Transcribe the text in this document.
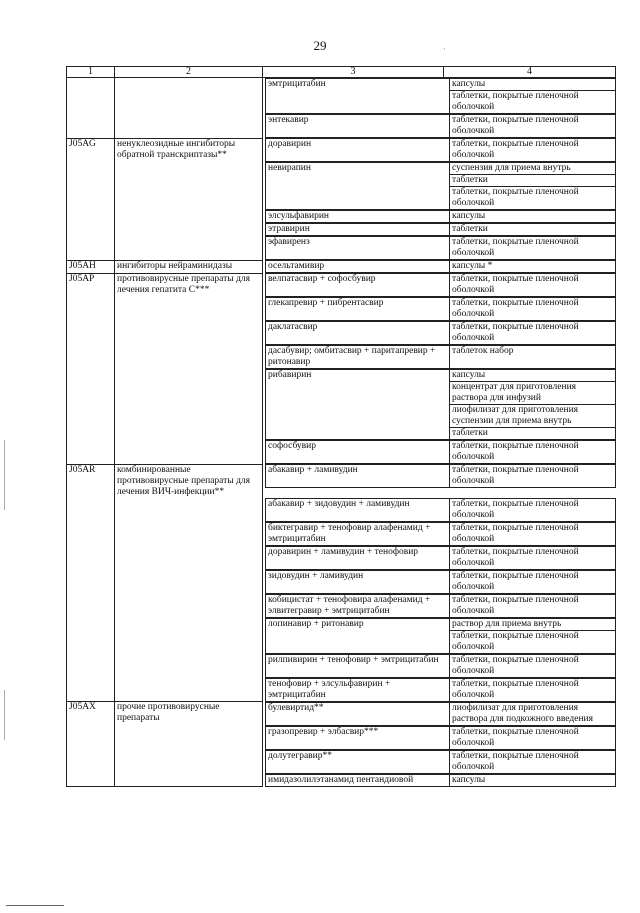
29	·
1	2	3	4

эмтрицитабин	капсулы
таблетки, покрытые пленочной оболочкой

энтекавир	таблетки, покрытые пленочной оболочкой

J05AG	ненуклеозидные ингибиторы обратной транскриптазы**	
доравирин	таблетки, покрытые пленочной оболочкой

невирапин	суспензия для приема внутрь
таблетки
таблетки, покрытые пленочной оболочкой

элсульфавирин	капсулы

этравирин	таблетки

эфавиренз	таблетки, покрытые пленочной оболочкой

J05AH	ингибиторы нейраминидазы		осельтамивир	капсулы *

J05AP	противовирусные препараты для лечения гепатита C***	
велпатасвир + софосбувир	таблетки, покрытые пленочной оболочкой

глекапревир + пибрентасвир	таблетки, покрытые пленочной оболочкой

даклатасвир	таблетки, покрытые пленочной оболочкой

дасабувир; омбитасвир + паритапревир + ритонавир	таблеток набор

рибавирин	капсулы
концентрат для приготовления раствора для инфузий
лиофилизат для приготовления суспензии для приема внутрь
таблетки

софосбувир	таблетки, покрытые пленочной оболочкой

J05AR	комбинированные противовирусные препараты для лечения ВИЧ-инфекции**	
абакавир + ламивудин	таблетки, покрытые пленочной оболочкой

абакавир + зидовудин + ламивудин	таблетки, покрытые пленочной оболочкой

биктегравир + тенофовир алафенамид + эмтрицитабин	таблетки, покрытые пленочной оболочкой

доравирин + ламивудин + тенофовир	таблетки, покрытые пленочной оболочкой

зидовудин + ламивудин	таблетки, покрытые пленочной оболочкой

кобицистат + тенофовира алафенамид + элвитегравир + эмтрицитабин	таблетки, покрытые пленочной оболочкой

лопинавир + ритонавир	раствор для приема внутрь
таблетки, покрытые пленочной оболочкой

рилпивирин + тенофовир + эмтрицитабин	таблетки, покрытые пленочной оболочкой

тенофовир + элсульфавирин + эмтрицитабин	таблетки, покрытые пленочной оболочкой

J05AX	прочие противовирусные препараты	
булевиртид**	лиофилизат для приготовления раствора для подкожного введения

гразопревир + элбасвир***	таблетки, покрытые пленочной оболочкой

долутегравир**	таблетки, покрытые пленочной оболочкой

имидазолилэтанамид пентандиовой	капсулы
